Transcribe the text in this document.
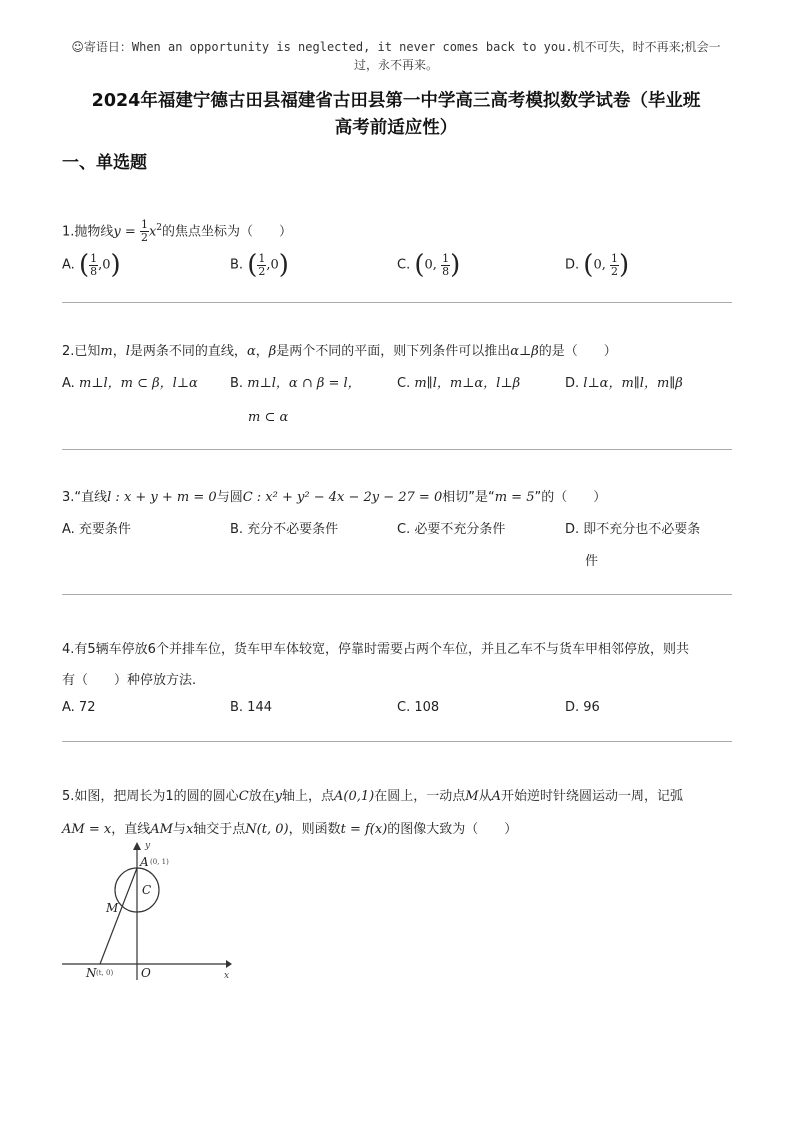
☺寄语日：When an opportunity is neglected, it never comes back to you.机不可失，时不再来;机会一
过，永不再来。
2024年福建宁德古田县福建省古田县第一中学高三高考模拟数学试卷（毕业班
高考前适应性）
一、单选题
1.抛物线$y = \frac{1}{2} x^2$的焦点坐标为（　　）
A. ( $\frac{1}{8} ,0$)	B. ( $\frac{1}{2} ,0$)	C. (0, $\frac{1}{8}$ )	D. (0, $\frac{1}{2}$ )
2.已知m，l是两条不同的直线，α，β是两个不同的平面，则下列条件可以推出α⊥β的是（　　）
A. m⊥l，m ⊂ β，l⊥α B. m⊥l，α ∩ β = l，
m ⊂ α
C. m∥l，m⊥α，l⊥β	D. l⊥α，m∥l，m∥β
3.“直线l : x + y + m = 0与圆C : x² + y² − 4x − 2y − 27 = 0相切”是“m = 5”的（　　）
A. 充要条件	B. 充分不必要条件	C. 必要不充分条件	D. 即不充分也不必要条
件
4.有5辆车停放6个并排车位，货车甲车体较宽，停靠时需要占两个车位，并且乙车不与货车甲相邻停放，则共
有（　　）种停放方法.
A. 72	B. 144	C. 108	D. 96
5.如图，把周长为1的圆的圆心C放在y轴上，点A(0,1)在圆上，一动点M从A开始逆时针绕圆运动一周，记弧
AM = x，直线AM与x轴交于点N(t, 0)，则函数t = f(x)的图像大致为（　　）
y
x
A (0, 1)
C
M
N (t, 0) O
